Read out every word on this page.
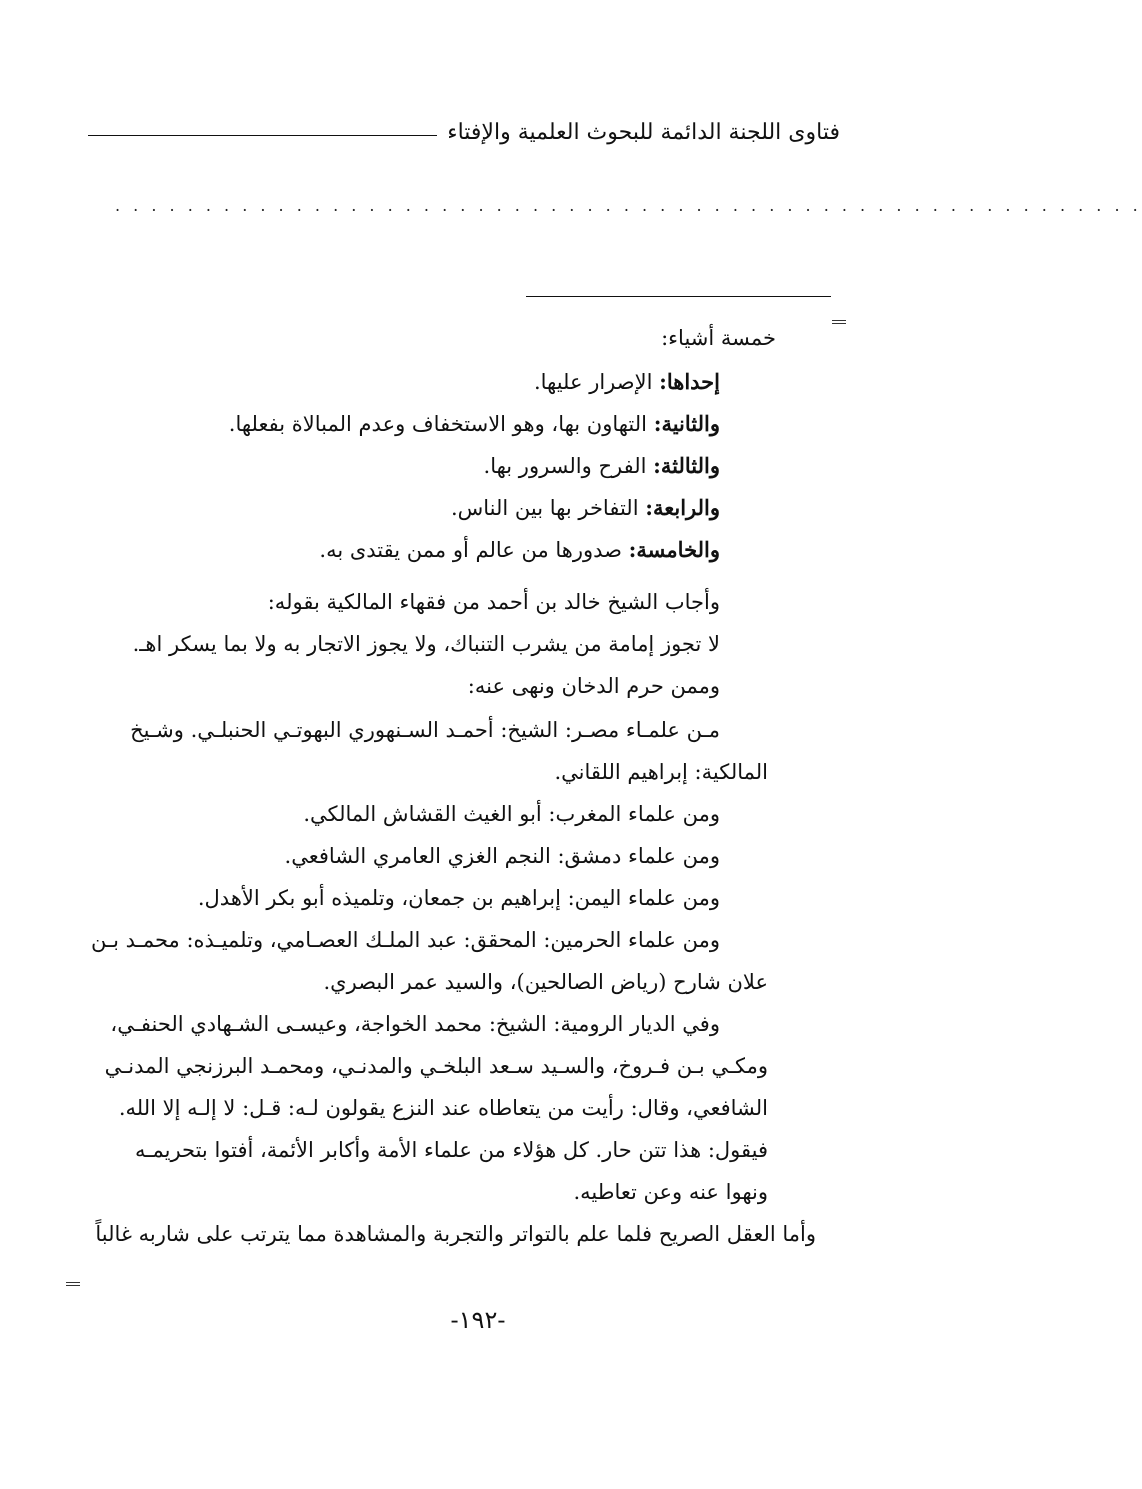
فتاوى اللجنة الدائمة للبحوث العلمية والإفتاء
. . . . . . . . . . . . . . . . . . . . . . . . . . . . . . . . . . . . . . . . . . . . . . . . . . . . . . . . .
خمسة أشياء:
إحداها: الإصرار عليها.
والثانية: التهاون بها، وهو الاستخفاف وعدم المبالاة بفعلها.
والثالثة: الفرح والسرور بها.
والرابعة: التفاخر بها بين الناس.
والخامسة: صدورها من عالم أو ممن يقتدى به.
وأجاب الشيخ خالد بن أحمد من فقهاء المالكية بقوله:
لا تجوز إمامة من يشرب التنباك، ولا يجوز الاتجار به ولا بما يسكر اهـ.
وممن حرم الدخان ونهى عنه:
مـن علمـاء مصـر: الشيخ: أحمـد السـنهوري البهوتـي الحنبلـي. وشـيخ
المالكية: إبراهيم اللقاني.
ومن علماء المغرب: أبو الغيث القشاش المالكي.
ومن علماء دمشق: النجم الغزي العامري الشافعي.
ومن علماء اليمن: إبراهيم بن جمعان، وتلميذه أبو بكر الأهدل.
ومن علماء الحرمين: المحقق: عبد الملـك العصـامي، وتلميـذه: محمـد بـن
علان شارح (رياض الصالحين)، والسيد عمر البصري.
وفي الديار الرومية: الشيخ: محمد الخواجة، وعيسـى الشـهادي الحنفـي،
ومكـي بـن فـروخ، والسـيد سـعد البلخـي والمدنـي، ومحمـد البرزنجي المدنـي
الشافعي، وقال: رأيت من يتعاطاه عند النزع يقولون لـه: قـل: لا إلـه إلا الله.
فيقول: هذا تتن حار. كل هؤلاء من علماء الأمة وأكابر الأئمة، أفتوا بتحريمـه
ونهوا عنه وعن تعاطيه.
وأما العقل الصريح فلما علم بالتواتر والتجربة والمشاهدة مما يترتب على شاربه غالباً
-١٩٢-
